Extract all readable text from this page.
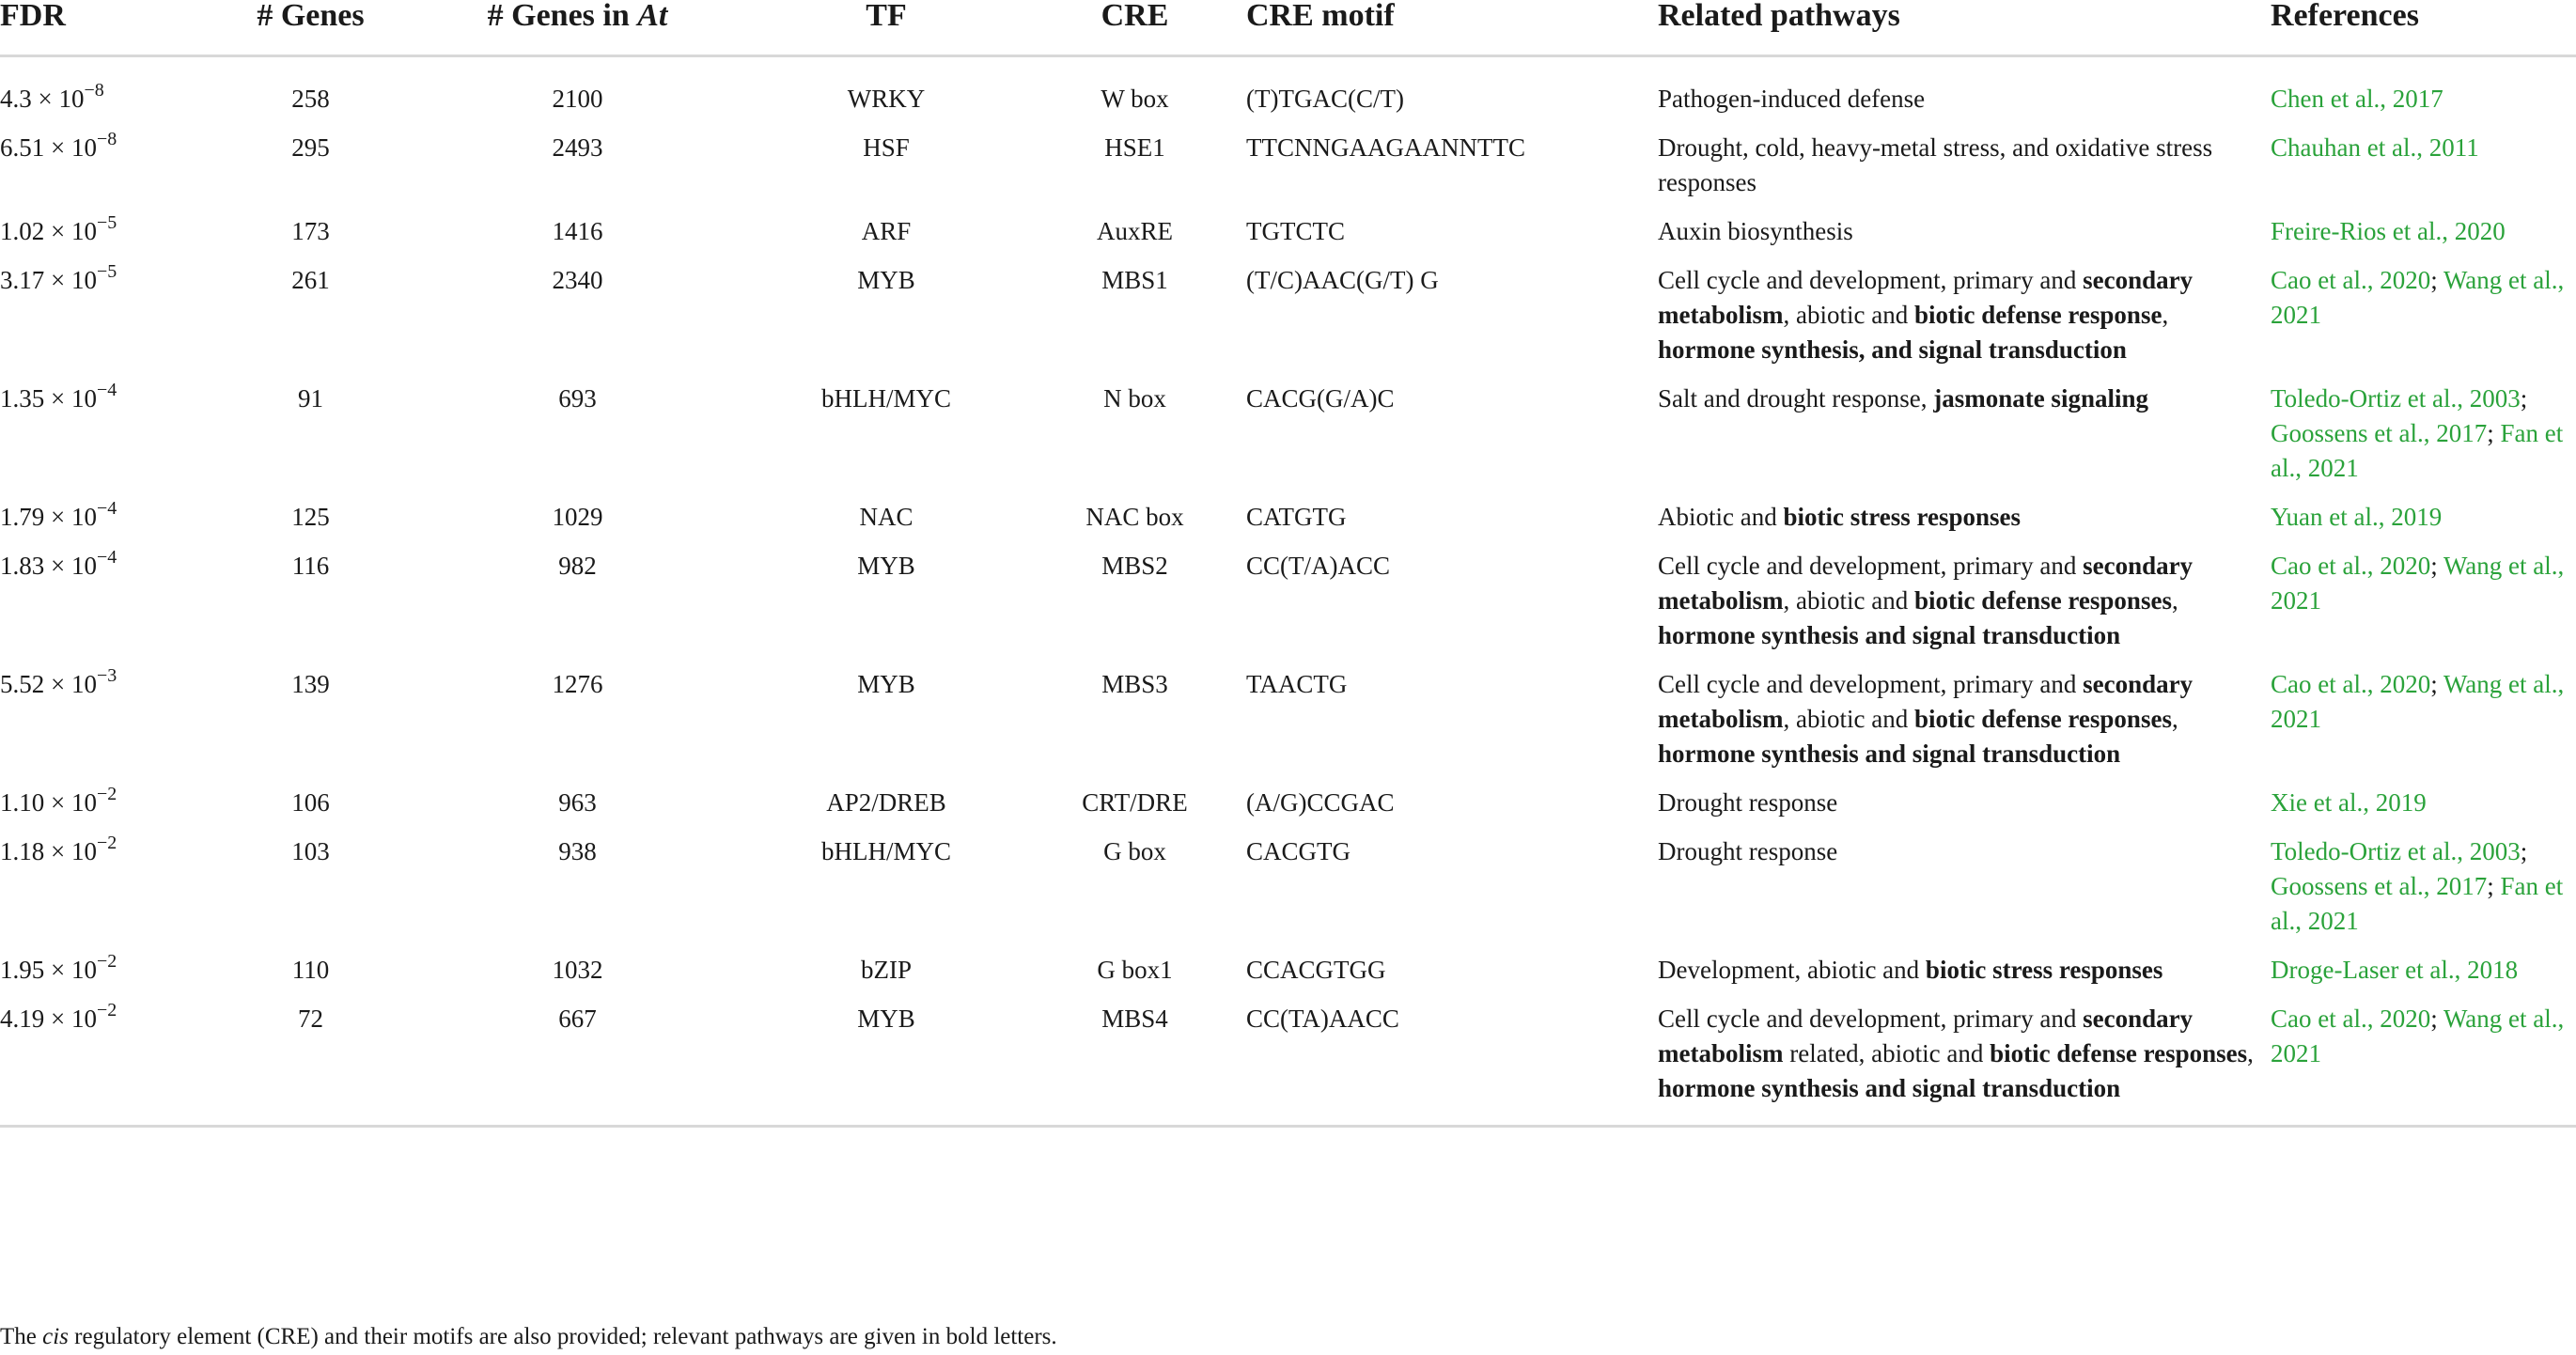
FDR	# Genes	# Genes in At	TF	CRE	CRE motif	Related pathways	References
$4.3 \times 10^{-8}$	258	2100	WRKY	W box	(T)TGAC(C/T)	Pathogen-induced defense	Chen et al., 2017
$6.51 \times 10^{-8}$	295	2493	HSF	HSE1	TTCNNGAAGAANNTTC	Drought, cold, heavy-metal stress, and oxidative stress responses	Chauhan et al., 2011
$1.02 \times 10^{-5}$	173	1416	ARF	AuxRE	TGTCTC	Auxin biosynthesis	Freire-Rios et al., 2020
$3.17 \times 10^{-5}$	261	2340	MYB	MBS1	(T/C)AAC(G/T) G	Cell cycle and development, primary and secondary metabolism, abiotic and biotic defense response, hormone synthesis, and signal transduction	Cao et al., 2020; Wang et al., 2021
$1.35 \times 10^{-4}$	91	693	bHLH/MYC	N box	CACG(G/A)C	Salt and drought response, jasmonate signaling	Toledo-Ortiz et al., 2003; Goossens et al., 2017; Fan et al., 2021
$1.79 \times 10^{-4}$	125	1029	NAC	NAC box	CATGTG	Abiotic and biotic stress responses	Yuan et al., 2019
$1.83 \times 10^{-4}$	116	982	MYB	MBS2	CC(T/A)ACC	Cell cycle and development, primary and secondary metabolism, abiotic and biotic defense responses, hormone synthesis and signal transduction	Cao et al., 2020; Wang et al., 2021
$5.52 \times 10^{-3}$	139	1276	MYB	MBS3	TAACTG	Cell cycle and development, primary and secondary metabolism, abiotic and biotic defense responses, hormone synthesis and signal transduction	Cao et al., 2020; Wang et al., 2021
$1.10 \times 10^{-2}$	106	963	AP2/DREB	CRT/DRE	(A/G)CCGAC	Drought response	Xie et al., 2019
$1.18 \times 10^{-2}$	103	938	bHLH/MYC	G box	CACGTG	Drought response	Toledo-Ortiz et al., 2003; Goossens et al., 2017; Fan et al., 2021
$1.95 \times 10^{-2}$	110	1032	bZIP	G box1	CCACGTGG	Development, abiotic and biotic stress responses	Droge-Laser et al., 2018
$4.19 \times 10^{-2}$	72	667	MYB	MBS4	CC(TA)AACC	Cell cycle and development, primary and secondary metabolism related, abiotic and biotic defense responses, hormone synthesis and signal transduction	Cao et al., 2020; Wang et al., 2021
The cis regulatory element (CRE) and their motifs are also provided; relevant pathways are given in bold letters.
